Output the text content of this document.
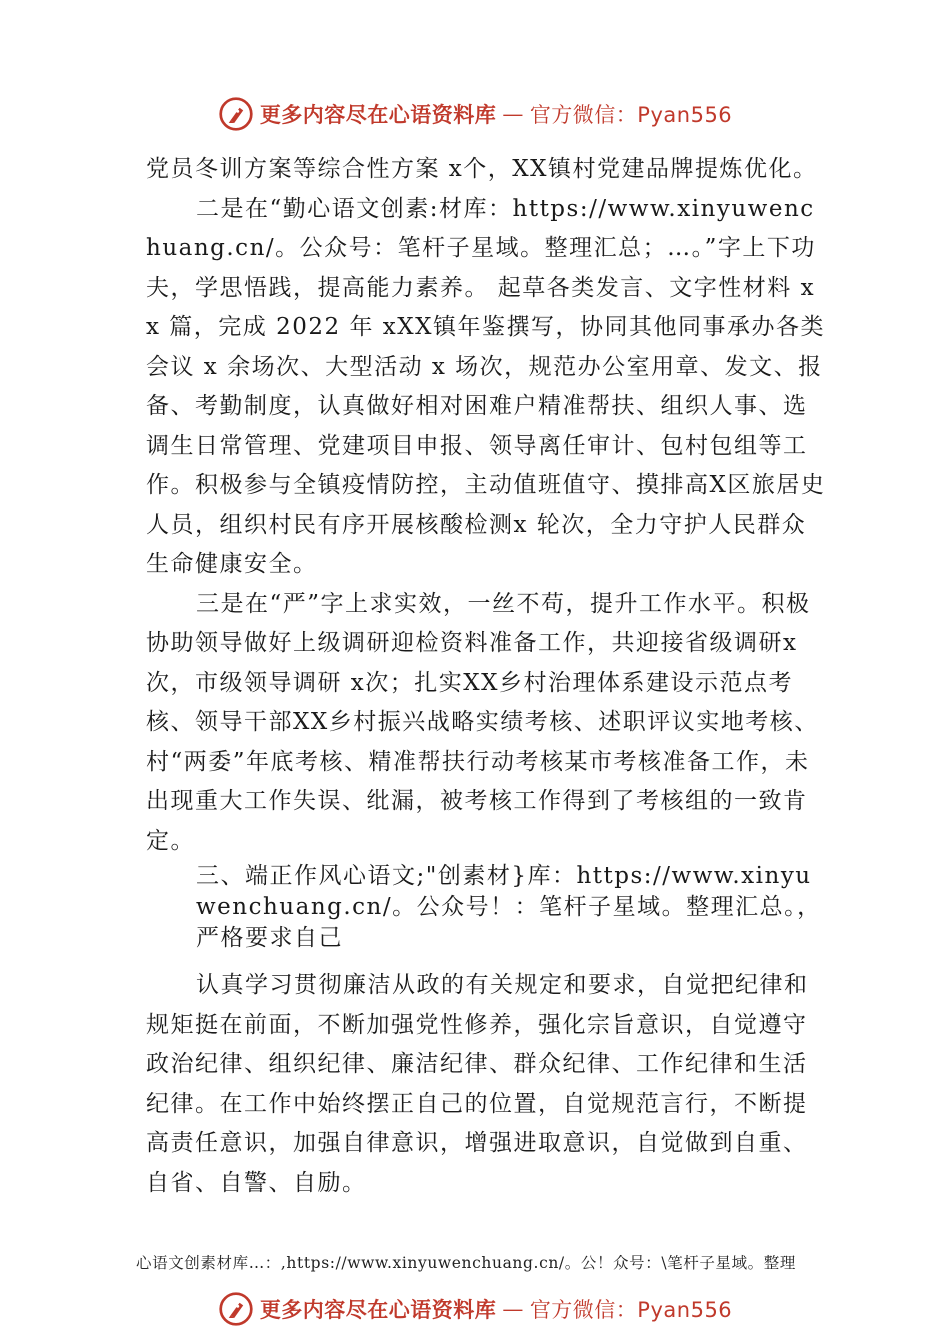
更多内容尽在心语资料库 — 官方微信：Pyan556

党员冬训方案等综合性方案 x个，XX镇村党建品牌提炼优化。

二是在“勤心语文创素:材库：https://www.xinyuwenchuang.cn/。公众号：笔杆子星域。整理汇总；…。”字上下功夫，学思悟践，提高能力素养。 起草各类发言、文字性材料 xx 篇，完成 2022 年 xXX镇年鉴撰写，协同其他同事承办各类会议 x 余场次、大型活动 x 场次，规范办公室用章、发文、报备、考勤制度，认真做好相对困难户精准帮扶、组织人事、选调生日常管理、党建项目申报、领导离任审计、包村包组等工作。积极参与全镇疫情防控，主动值班值守、摸排高X区旅居史人员，组织村民有序开展核酸检测x 轮次，全力守护人民群众生命健康安全。

三是在“严”字上求实效，一丝不苟，提升工作水平。积极协助领导做好上级调研迎检资料准备工作，共迎接省级调研x次，市级领导调研 x次；扎实XX乡村治理体系建设示范点考核、领导干部XX乡村振兴战略实绩考核、述职评议实地考核、村“两委”年底考核、精准帮扶行动考核某市考核准备工作，未出现重大工作失误、纰漏，被考核工作得到了考核组的一致肯定。

三、端正作风心语文;"创素材}库：https://www.xinyuwenchuang.cn/。公众号！：笔杆子星域。整理汇总。，严格要求自己

认真学习贯彻廉洁从政的有关规定和要求，自觉把纪律和规矩挺在前面，不断加强党性修养，强化宗旨意识，自觉遵守政治纪律、组织纪律、廉洁纪律、群众纪律、工作纪律和生活纪律。在工作中始终摆正自己的位置，自觉规范言行，不断提高责任意识，加强自律意识，增强进取意识，自觉做到自重、自省、自警、自励。

心语文创素材库…：,https://www.xinyuwenchuang.cn/。公！众号：\笔杆子星域。整理
更多内容尽在心语资料库 — 官方微信：Pyan556
